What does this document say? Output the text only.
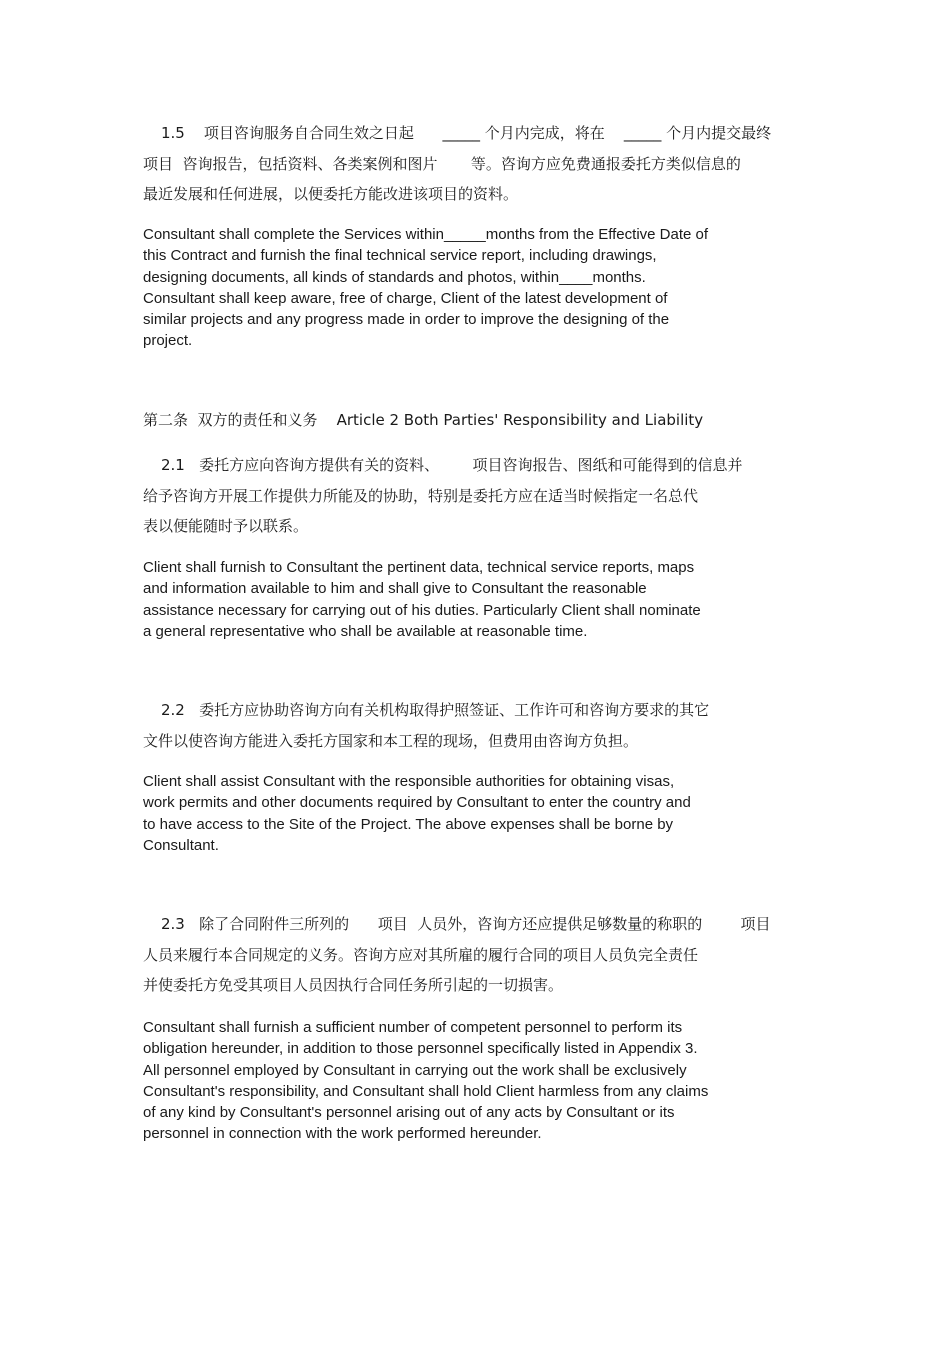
1.5    项目咨询服务自合同生效之日起      _____ 个月内完成，将在    _____ 个月内提交最终
项目  咨询报告，包括资料、各类案例和图片       等。咨询方应免费通报委托方类似信息的
最近发展和任何进展，以便委托方能改进该项目的资料。
Consultant shall complete the Services within_____months from the Effective Date of
this Contract and furnish the final technical service report, including drawings,
designing documents, all kinds of standards and photos, within____months.
Consultant shall keep aware, free of charge, Client of the latest development of
similar projects and any progress made in order to improve the designing of the
project.
第二条  双方的责任和义务    Article 2 Both Parties' Responsibility and Liability
2.1   委托方应向咨询方提供有关的资料、       项目咨询报告、图纸和可能得到的信息并
给予咨询方开展工作提供力所能及的协助，特别是委托方应在适当时候指定一名总代
表以便能随时予以联系。
Client shall furnish to Consultant the pertinent data, technical service reports, maps
and information available to him and shall give to Consultant the reasonable
assistance necessary for carrying out of his duties. Particularly Client shall nominate
a general representative who shall be available at reasonable time.
2.2   委托方应协助咨询方向有关机构取得护照签证、工作许可和咨询方要求的其它
文件以使咨询方能进入委托方国家和本工程的现场，但费用由咨询方负担。
Client shall assist Consultant with the responsible authorities for obtaining visas,
work permits and other documents required by Consultant to enter the country and
to have access to the Site of the Project. The above expenses shall be borne by
Consultant.
2.3   除了合同附件三所列的      项目  人员外，咨询方还应提供足够数量的称职的        项目
人员来履行本合同规定的义务。咨询方应对其所雇的履行合同的项目人员负完全责任
并使委托方免受其项目人员因执行合同任务所引起的一切损害。
Consultant shall furnish a sufficient number of competent personnel to perform its
obligation hereunder, in addition to those personnel specifically listed in Appendix 3.
All personnel employed by Consultant in carrying out the work shall be exclusively
Consultant's responsibility, and Consultant shall hold Client harmless from any claims
of any kind by Consultant's personnel arising out of any acts by Consultant or its
personnel in connection with the work performed hereunder.
